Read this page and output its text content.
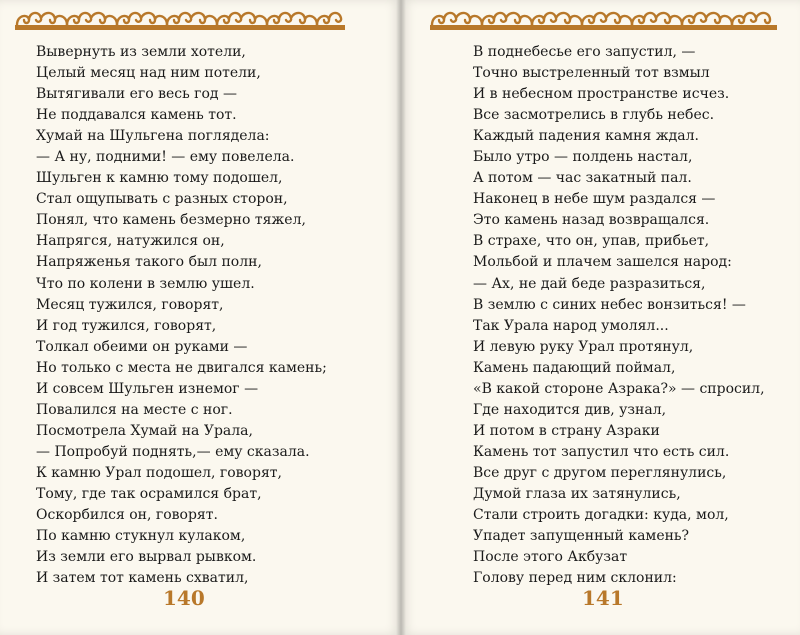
Вывернуть из земли хотели,
Целый месяц над ним потели,
Вытягивали его весь год —
Не поддавался камень тот.
Хумай на Шульгена поглядела:
— А ну, подними! — ему повелела.
Шульген к камню тому подошел,
Стал ощупывать с разных сторон,
Понял, что камень безмерно тяжел,
Напрягся, натужился он,
Напряженья такого был полн,
Что по колени в землю ушел.
Месяц тужился, говорят,
И год тужился, говорят,
Толкал обеими он руками —
Но только с места не двигался камень;
И совсем Шульген изнемог —
Повалился на месте с ног.
Посмотрела Хумай на Урала,
— Попробуй поднять,— ему сказала.
К камню Урал подошел, говорят,
Тому, где так осрамился брат,
Оскорбился он, говорят.
По камню стукнул кулаком,
Из земли его вырвал рывком.
И затем тот камень схватил,
140
В поднебесье его запустил, —
Точно выстреленный тот взмыл
И в небесном пространстве исчез.
Все засмотрелись в глубь небес.
Каждый падения камня ждал.
Было утро — полдень настал,
А потом — час закатный пал.
Наконец в небе шум раздался —
Это камень назад возвращался.
В страхе, что он, упав, прибьет,
Мольбой и плачем зашелся народ:
— Ах, не дай беде разразиться,
В землю с синих небес вонзиться! —
Так Урала народ умолял...
И левую руку Урал протянул,
Камень падающий поймал,
«В какой стороне Азрака?» — спросил,
Где находится див, узнал,
И потом в страну Азраки
Камень тот запустил что есть сил.
Все друг с другом переглянулись,
Думой глаза их затянулись,
Стали строить догадки: куда, мол,
Упадет запущенный камень?
После этого Акбузат
Голову перед ним склонил:
141
